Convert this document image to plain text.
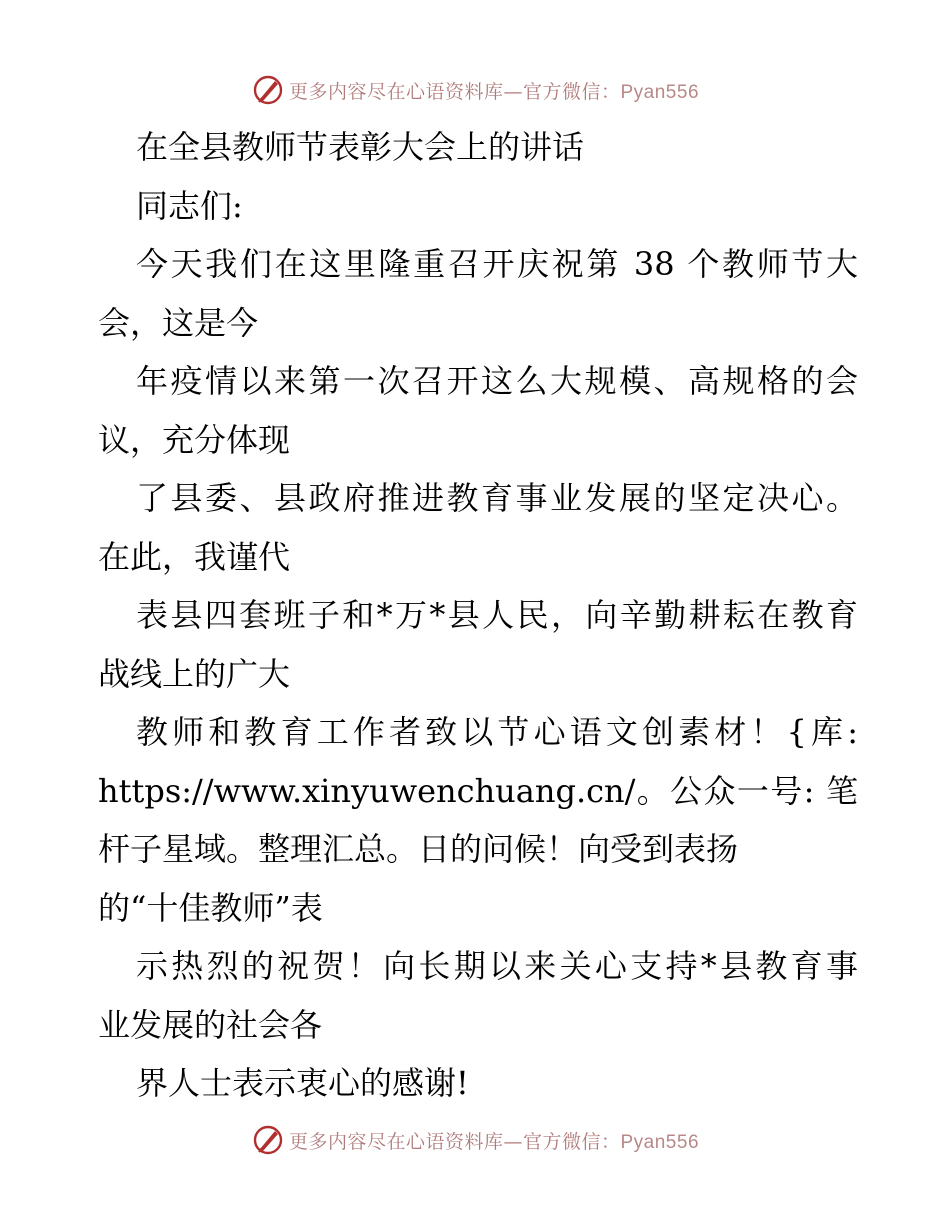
更多内容尽在心语资料库—官方微信：Pyan556
在全县教师节表彰大会上的讲话
同志们:
今天我们在这里隆重召开庆祝第 38 个教师节大
会，这是今
年疫情以来第一次召开这么大规模、高规格的会
议，充分体现
了县委、县政府推进教育事业发展的坚定决心。
在此，我谨代
表县四套班子和*万*县人民，向辛勤耕耘在教育
战线上的广大
教师和教育工作者致以节心语文创素材！{库:
https://www.xinyuwenchuang.cn/。公众一号: 笔
杆子星域。整理汇总。日的问候！向受到表扬
的“十佳教师”表
示热烈的祝贺！向长期以来关心支持*县教育事
业发展的社会各
界人士表示衷心的感谢!
更多内容尽在心语资料库—官方微信：Pyan556
